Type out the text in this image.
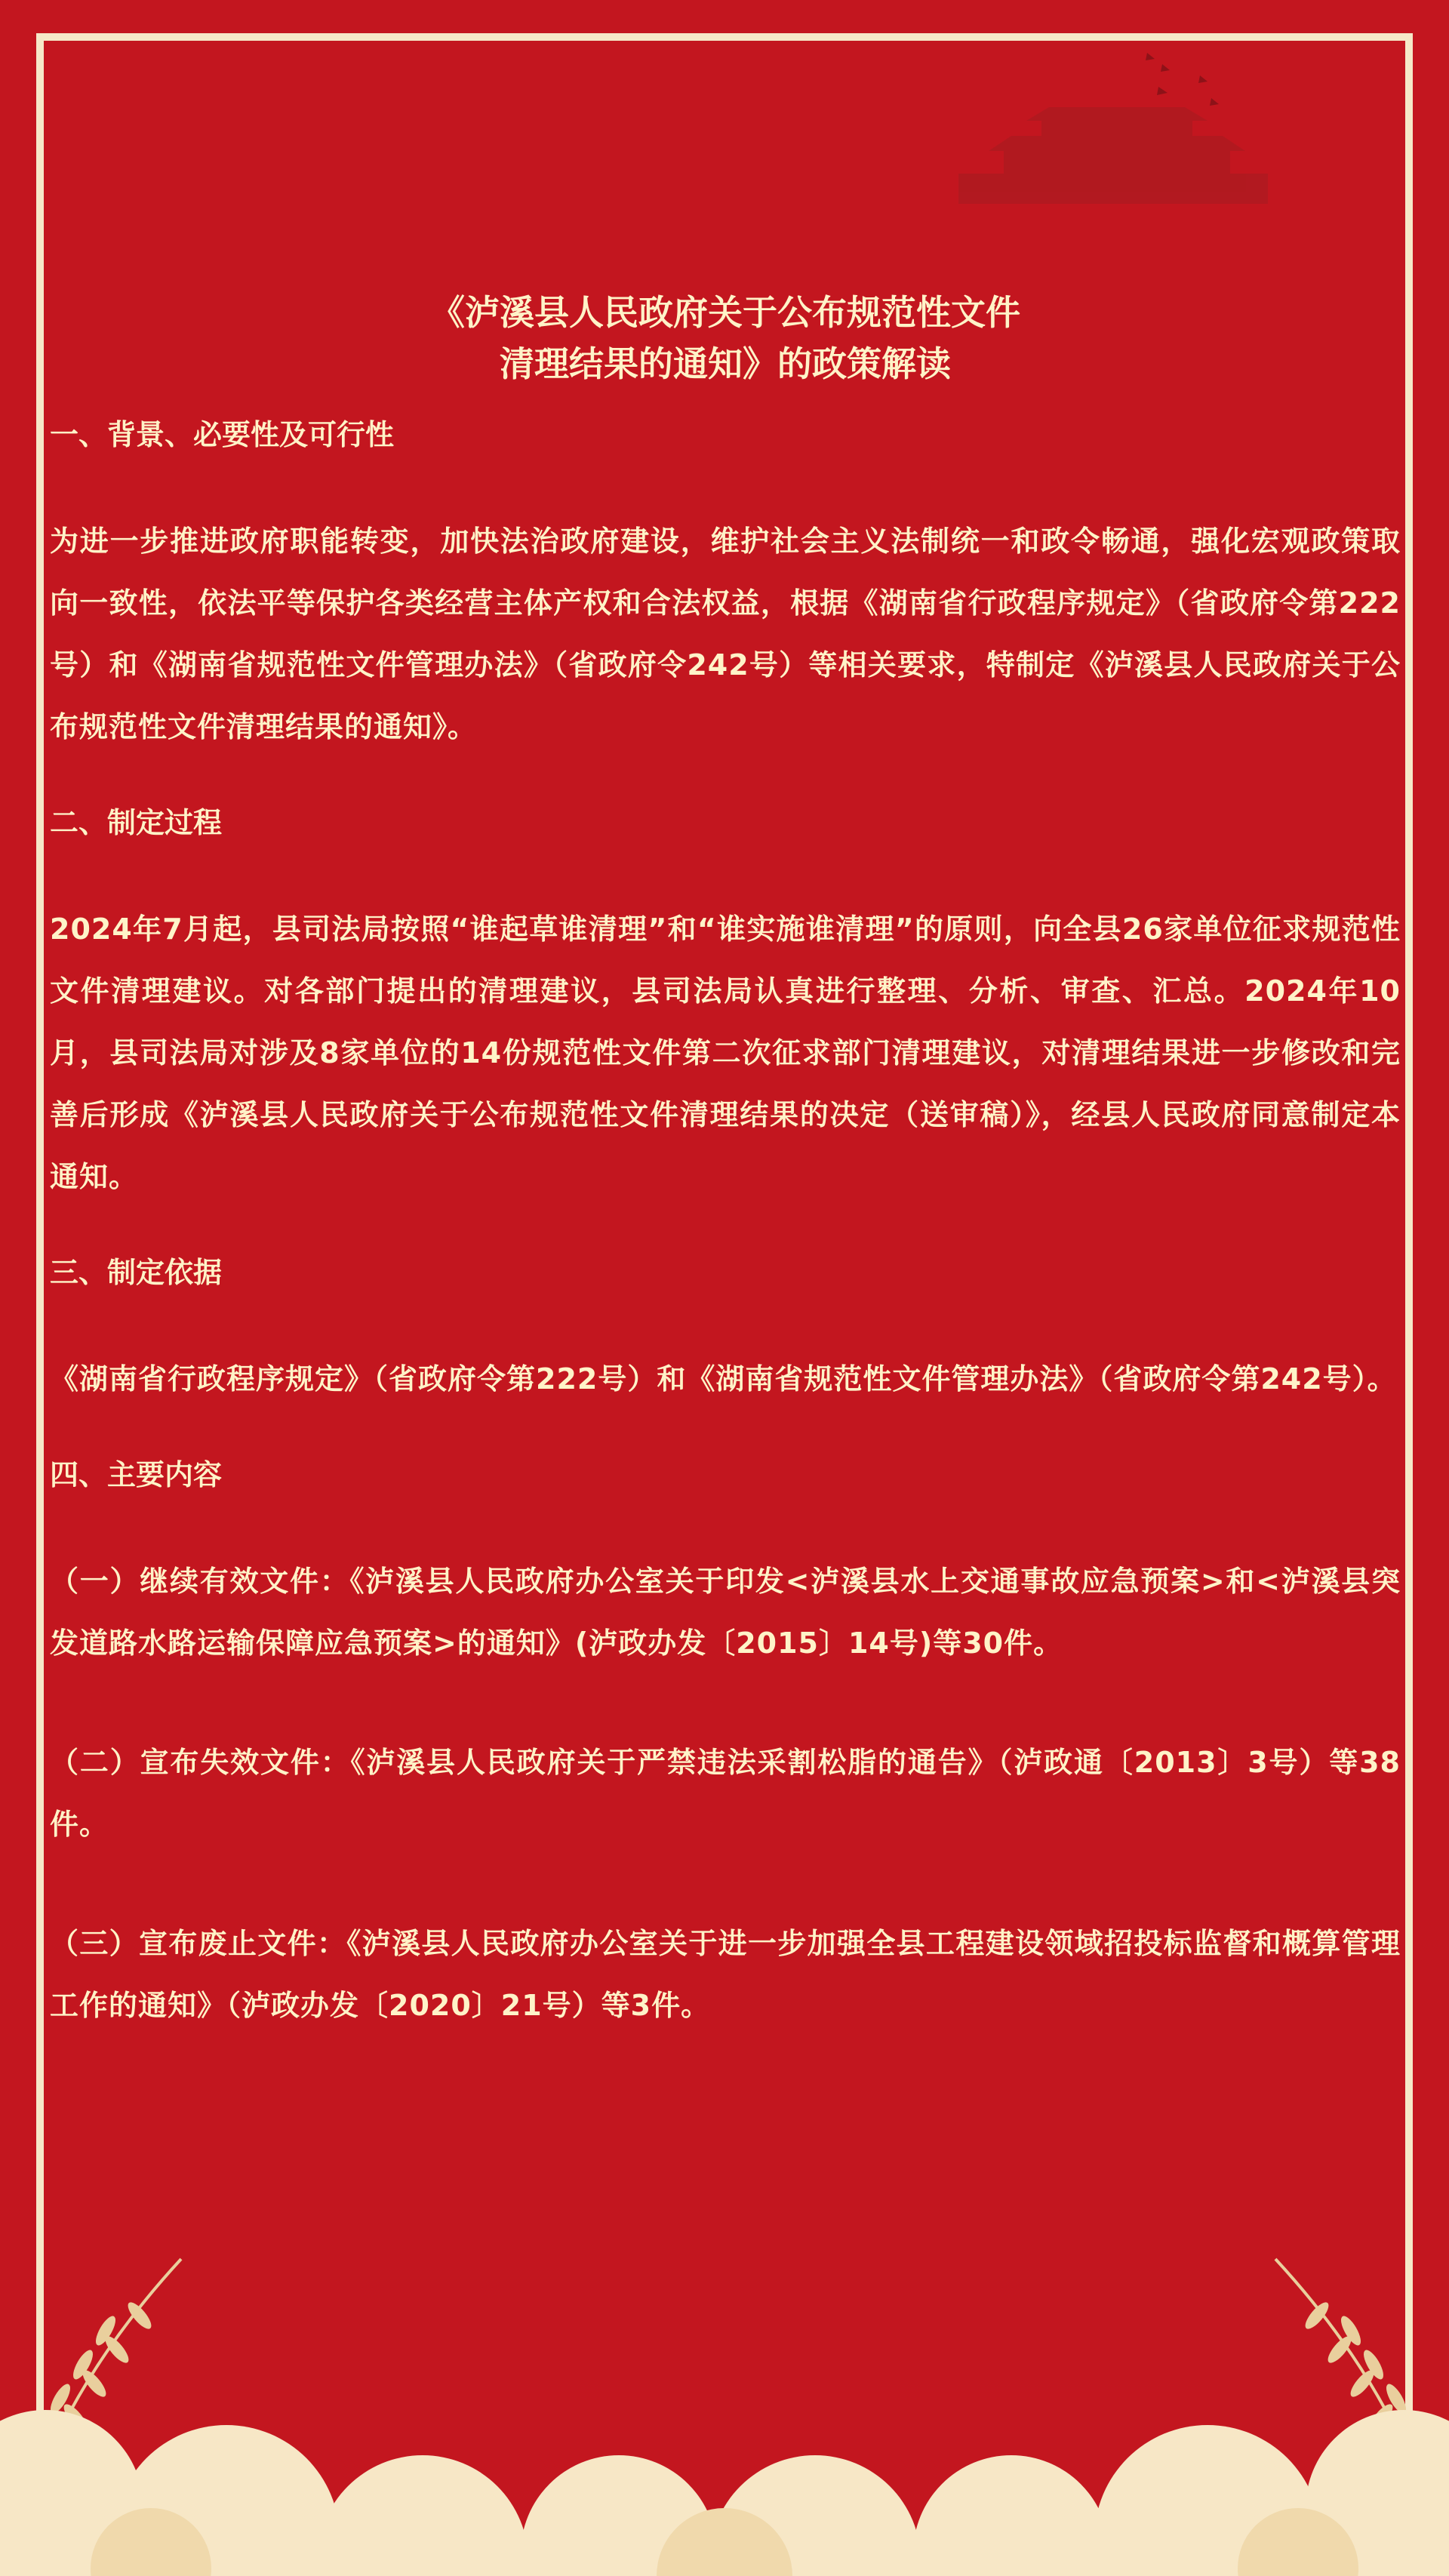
《泸溪县人民政府关于公布规范性文件
清理结果的通知》的政策解读
一、背景、必要性及可行性

为进一步推进政府职能转变，加快法治政府建设，维护社会主义法制统一和政令畅通，强化宏观政策取向一致性，依法平等保护各类经营主体产权和合法权益，根据《湖南省行政程序规定》（省政府令第222号）和《湖南省规范性文件管理办法》（省政府令242号）等相关要求，特制定《泸溪县人民政府关于公布规范性文件清理结果的通知》。

二、制定过程

2024年7月起，县司法局按照“谁起草谁清理”和“谁实施谁清理”的原则，向全县26家单位征求规范性文件清理建议。对各部门提出的清理建议，县司法局认真进行整理、分析、审查、汇总。2024年10月，县司法局对涉及8家单位的14份规范性文件第二次征求部门清理建议，对清理结果进一步修改和完善后形成《泸溪县人民政府关于公布规范性文件清理结果的决定（送审稿）》，经县人民政府同意制定本通知。

三、制定依据

《湖南省行政程序规定》（省政府令第222号）和《湖南省规范性文件管理办法》（省政府令第242号）。

四、主要内容

（一）继续有效文件：《泸溪县人民政府办公室关于印发<泸溪县水上交通事故应急预案>和<泸溪县突发道路水路运输保障应急预案>的通知》(泸政办发〔2015〕14号)等30件。

（二）宣布失效文件：《泸溪县人民政府关于严禁违法采割松脂的通告》（泸政通〔2013〕3号）等38件。

（三）宣布废止文件：《泸溪县人民政府办公室关于进一步加强全县工程建设领域招投标监督和概算管理工作的通知》（泸政办发〔2020〕21号）等3件。
